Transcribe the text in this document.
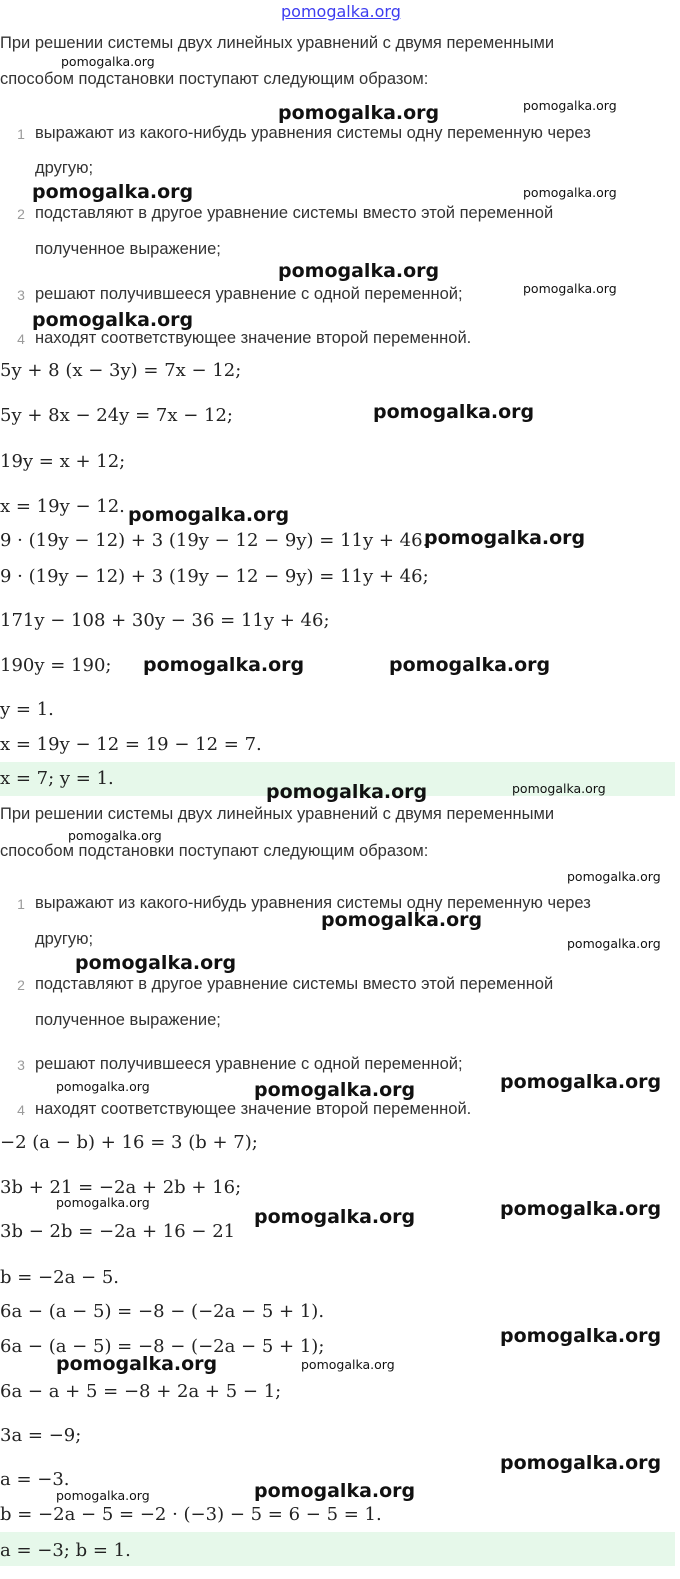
pomogalka.org
При решении системы двух линейных уравнений с двумя переменными
способом подстановки поступают следующим образом:
1 выражают из какого-нибудь уравнения системы одну переменную через
другую;
2 подставляют в другое уравнение системы вместо этой переменной
полученное выражение;
3 решают получившееся уравнение с одной переменной;
4 находят соответствующее значение второй переменной.
5y + 8 (x − 3y) = 7x − 12;
5y + 8x − 24y = 7x − 12;
19y = x + 12;
x = 19y − 12.
9 · (19y − 12) + 3 (19y − 12 − 9y) = 11y + 46.
9 · (19y − 12) + 3 (19y − 12 − 9y) = 11y + 46;
171y − 108 + 30y − 36 = 11y + 46;
190y = 190;
y = 1.
x = 19y − 12 = 19 − 12 = 7.
x = 7; y = 1.
При решении системы двух линейных уравнений с двумя переменными
способом подстановки поступают следующим образом:
1 выражают из какого-нибудь уравнения системы одну переменную через
другую;
2 подставляют в другое уравнение системы вместо этой переменной
полученное выражение;
3 решают получившееся уравнение с одной переменной;
4 находят соответствующее значение второй переменной.
−2 (a − b) + 16 = 3 (b + 7);
3b + 21 = −2a + 2b + 16;
3b − 2b = −2a + 16 − 21
b = −2a − 5.
6a − (a − 5) = −8 − (−2a − 5 + 1).
6a − (a − 5) = −8 − (−2a − 5 + 1);
6a − a + 5 = −8 + 2a + 5 − 1;
3a = −9;
a = −3.
b = −2a − 5 = −2 · (−3) − 5 = 6 − 5 = 1.
a = −3; b = 1.
pomogalka.org
pomogalka.org	pomogalka.org
pomogalka.org	pomogalka.org
pomogalka.org
pomogalka.org
pomogalka.org
pomogalka.org
pomogalka.org
pomogalka.org
pomogalka.org	pomogalka.org
pomogalka.org	pomogalka.org
pomogalka.org
pomogalka.org
pomogalka.org
pomogalka.org
pomogalka.org
pomogalka.org	pomogalka.org	pomogalka.org
pomogalka.org
pomogalka.org	pomogalka.org
pomogalka.org
pomogalka.org	pomogalka.org
pomogalka.org
pomogalka.org	pomogalka.org
